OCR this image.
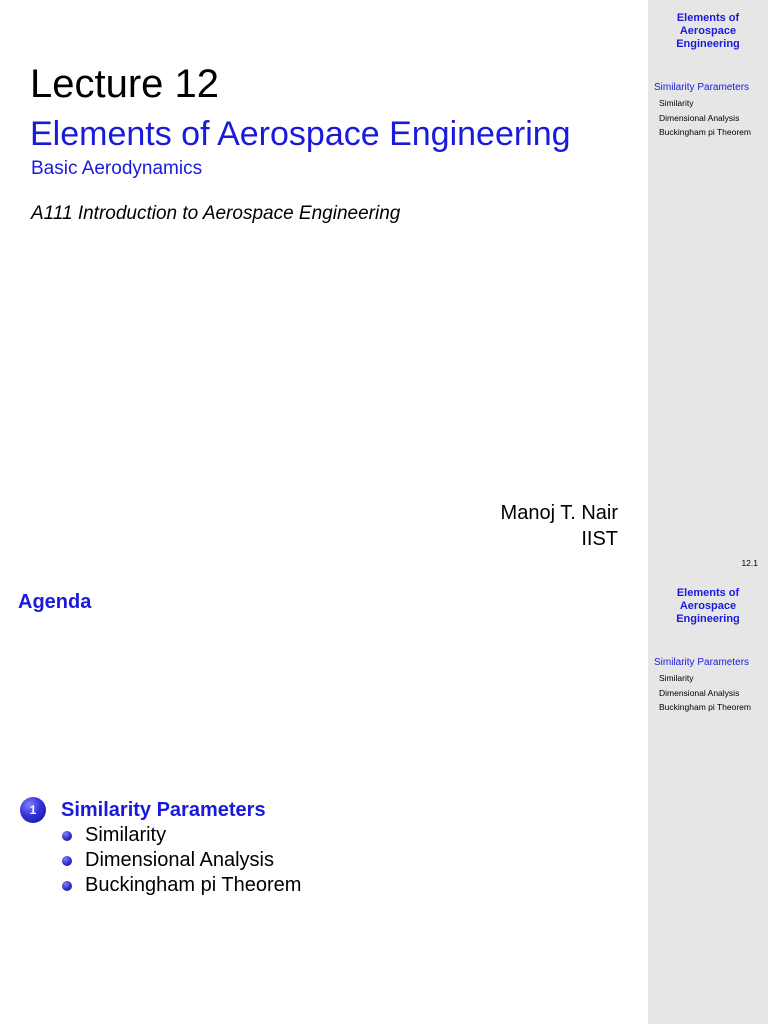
Elements of
Aerospace
Engineering
Similarity Parameters
Similarity
Dimensional Analysis
Buckingham pi Theorem
Lecture 12
Elements of Aerospace Engineering
Basic Aerodynamics
A111 Introduction to Aerospace Engineering
Manoj T. Nair
IIST
12.1
Elements of
Aerospace
Engineering
Similarity Parameters
Similarity
Dimensional Analysis
Buckingham pi Theorem
Agenda
1	Similarity Parameters
Similarity
Dimensional Analysis
Buckingham pi Theorem
